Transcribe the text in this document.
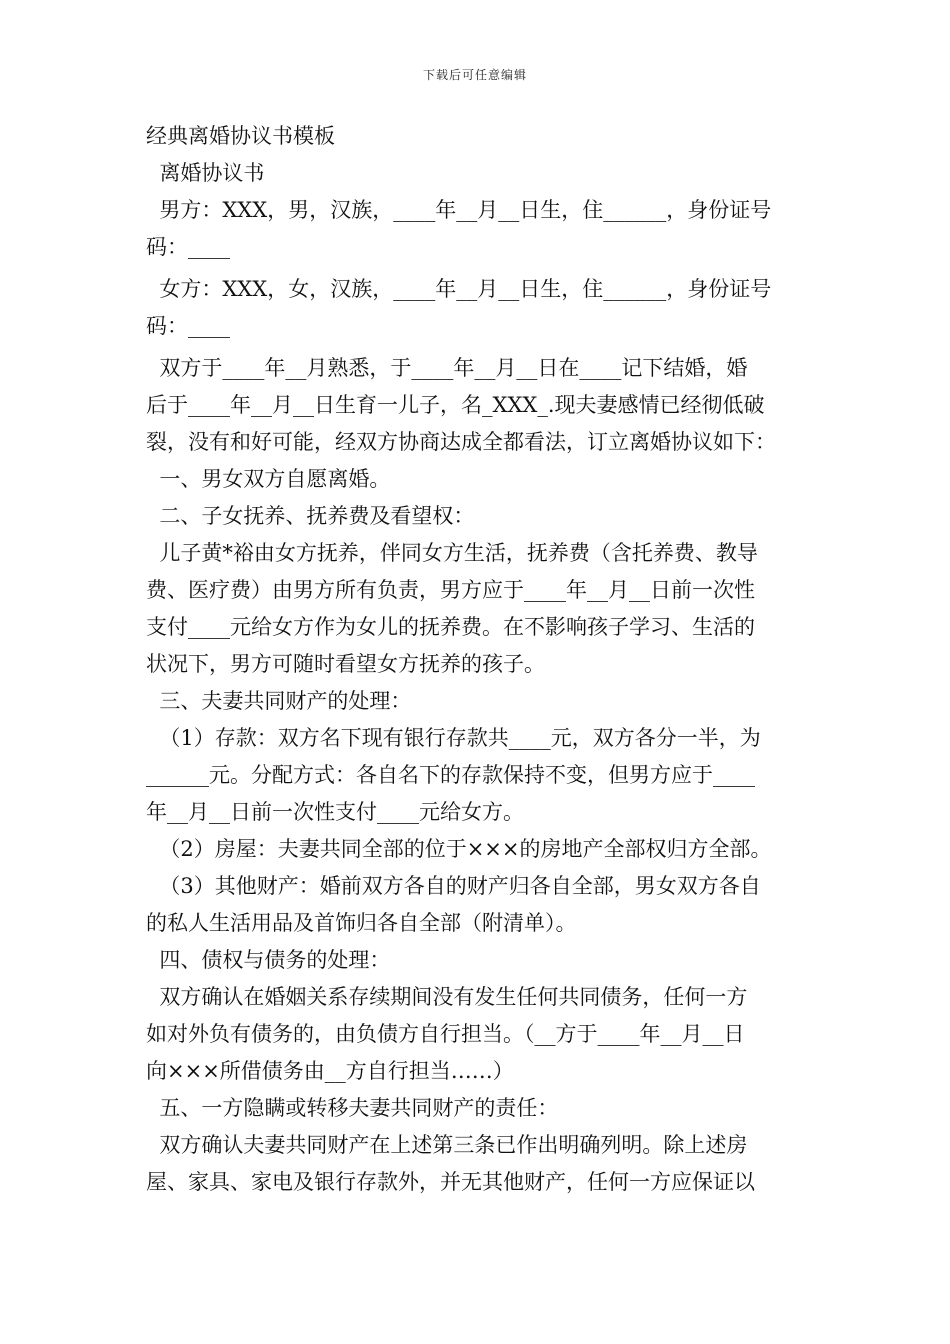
下载后可任意编辑
经典离婚协议书模板
离婚协议书
男方：XXX，男，汉族，____年__月__日生，住______，身份证号
码：____
女方：XXX，女，汉族，____年__月__日生，住______，身份证号
码：____
双方于____年__月熟悉，于____年__月__日在____记下结婚，婚
后于____年__月__日生育一儿子，名_XXX_.现夫妻感情已经彻低破
裂，没有和好可能，经双方协商达成全都看法，订立离婚协议如下：
一、男女双方自愿离婚。
二、子女抚养、抚养费及看望权：
儿子黄*裕由女方抚养，伴同女方生活，抚养费（含托养费、教导
费、医疗费）由男方所有负责，男方应于____年__月__日前一次性
支付____元给女方作为女儿的抚养费。在不影响孩子学习、生活的
状况下，男方可随时看望女方抚养的孩子。
三、夫妻共同财产的处理：
（1）存款：双方名下现有银行存款共____元，双方各分一半，为
______元。分配方式：各自名下的存款保持不变，但男方应于____
年__月__日前一次性支付____元给女方。
（2）房屋：夫妻共同全部的位于×××的房地产全部权归方全部。
（3）其他财产：婚前双方各自的财产归各自全部，男女双方各自
的私人生活用品及首饰归各自全部（附清单）。
四、债权与债务的处理：
双方确认在婚姻关系存续期间没有发生任何共同债务，任何一方
如对外负有债务的，由负债方自行担当。（__方于____年__月__日
向×××所借债务由__方自行担当……）
五、一方隐瞒或转移夫妻共同财产的责任：
双方确认夫妻共同财产在上述第三条已作出明确列明。除上述房
屋、家具、家电及银行存款外，并无其他财产，任何一方应保证以
